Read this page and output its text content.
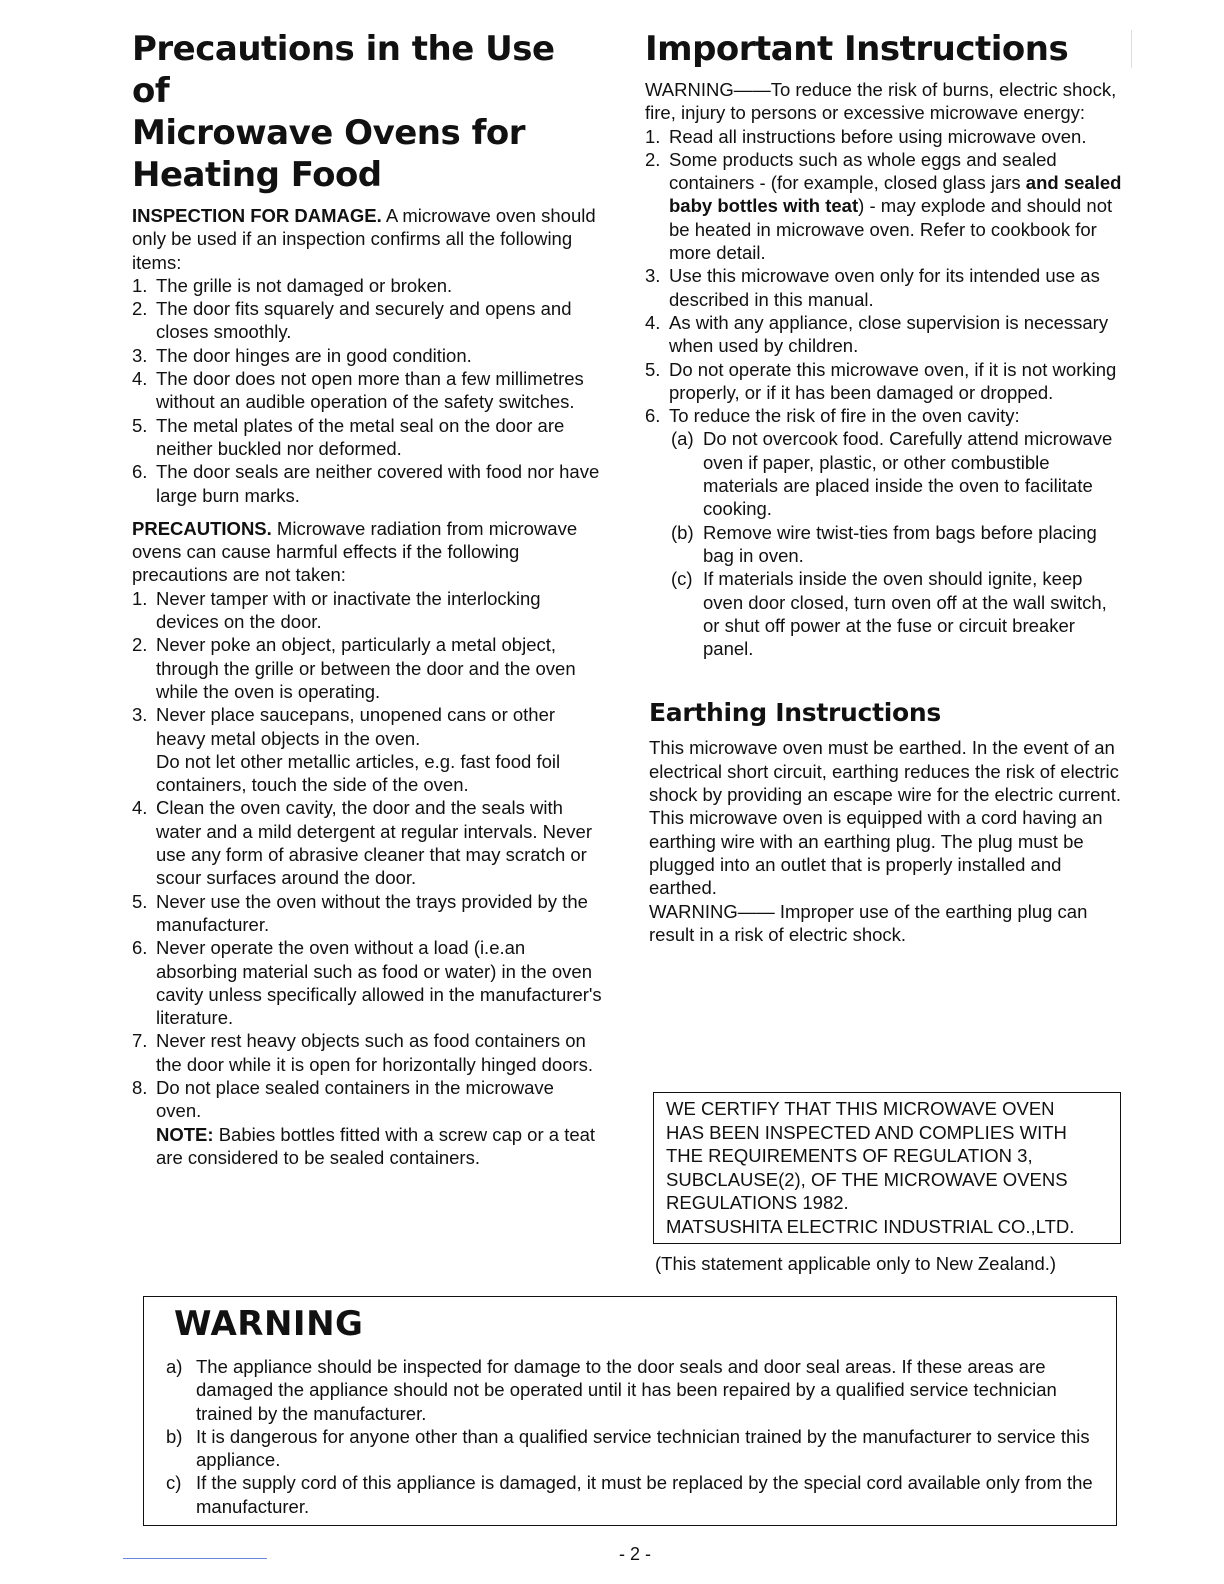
Precautions in the Use of
Microwave Ovens for
Heating Food

INSPECTION FOR DAMAGE. A microwave oven should only be used if an inspection confirms all the following items:

1. The grille is not damaged or broken.
2. The door fits squarely and securely and opens and closes smoothly.
3. The door hinges are in good condition.
4. The door does not open more than a few millimetres without an audible operation of the safety switches.
5. The metal plates of the metal seal on the door are neither buckled nor deformed.
6. The door seals are neither covered with food nor have large burn marks.

PRECAUTIONS. Microwave radiation from microwave ovens can cause harmful effects if the following precautions are not taken:

1. Never tamper with or inactivate the interlocking devices on the door.
2. Never poke an object, particularly a metal object, through the grille or between the door and the oven while the oven is operating.
3. Never place saucepans, unopened cans or other heavy metal objects in the oven.
Do not let other metallic articles, e.g. fast food foil containers, touch the side of the oven.
4. Clean the oven cavity, the door and the seals with water and a mild detergent at regular intervals. Never use any form of abrasive cleaner that may scratch or scour surfaces around the door.
5. Never use the oven without the trays provided by the manufacturer.
6. Never operate the oven without a load (i.e.an absorbing material such as food or water) in the oven cavity unless specifically allowed in the manufacturer's literature.
7. Never rest heavy objects such as food containers on the door while it is open for horizontally hinged doors.
8. Do not place sealed containers in the microwave oven.
NOTE: Babies bottles fitted with a screw cap or a teat are considered to be sealed containers.
Important Instructions

WARNING——To reduce the risk of burns, electric shock, fire, injury to persons or excessive microwave energy:

1. Read all instructions before using microwave oven.
2. Some products such as whole eggs and sealed containers - (for example, closed glass jars and sealed baby bottles with teat) - may explode and should not be heated in microwave oven. Refer to cookbook for more detail.
3. Use this microwave oven only for its intended use as described in this manual.
4. As with any appliance, close supervision is necessary when used by children.
5. Do not operate this microwave oven, if it is not working properly, or if it has been damaged or dropped.
6. To reduce the risk of fire in the oven cavity:
(a) Do not overcook food. Carefully attend microwave oven if paper, plastic, or other combustible materials are placed inside the oven to facilitate cooking.
(b) Remove wire twist-ties from bags before placing bag in oven.
(c) If materials inside the oven should ignite, keep oven door closed, turn oven off at the wall switch, or shut off power at the fuse or circuit breaker panel.
Earthing Instructions

This microwave oven must be earthed. In the event of an electrical short circuit, earthing reduces the risk of electric shock by providing an escape wire for the electric current. This microwave oven is equipped with a cord having an earthing wire with an earthing plug. The plug must be plugged into an outlet that is properly installed and earthed.

WARNING—— Improper use of the earthing plug can result in a risk of electric shock.

WE CERTIFY THAT THIS MICROWAVE OVEN
HAS BEEN INSPECTED AND COMPLIES WITH
THE REQUIREMENTS OF REGULATION 3,
SUBCLAUSE(2), OF THE MICROWAVE OVENS
REGULATIONS 1982.
MATSUSHITA ELECTRIC INDUSTRIAL CO.,LTD.
(This statement applicable only to New Zealand.)
WARNING
a) The appliance should be inspected for damage to the door seals and door seal areas. If these areas are damaged the appliance should not be operated until it has been repaired by a qualified service technician trained by the manufacturer.
b) It is dangerous for anyone other than a qualified service technician trained by the manufacturer to service this appliance.
c) If the supply cord of this appliance is damaged, it must be replaced by the special cord available only from the manufacturer.
- 2 -
